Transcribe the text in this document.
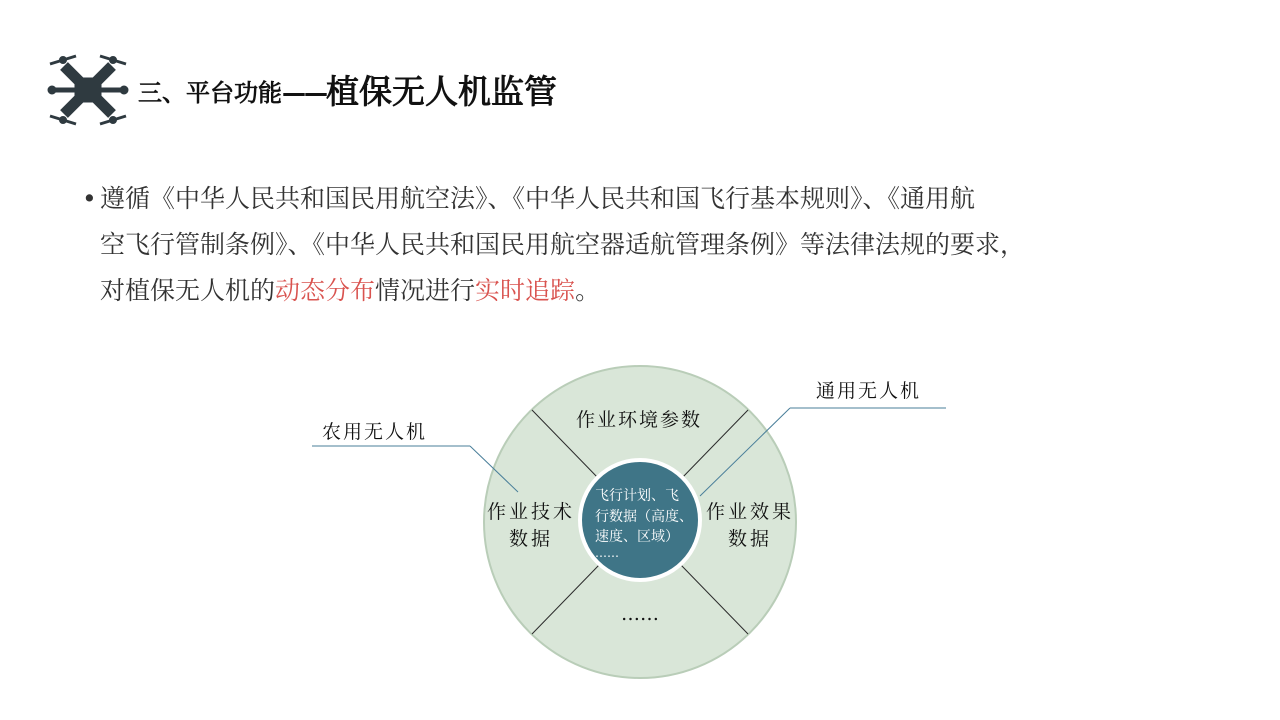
三、平台功能——植保无人机监管
• 遵循《中华人民共和国民用航空法》、《中华人民共和国飞行基本规则》、《通用航
空飞行管制条例》、《中华人民共和国民用航空器适航管理条例》等法律法规的要求，
对植保无人机的动态分布情况进行实时追踪。
作业环境参数
作业技术
数据
作业效果
数据
……
飞行计划、飞
行数据（高度、
速度、区域）
……
农用无人机
通用无人机
